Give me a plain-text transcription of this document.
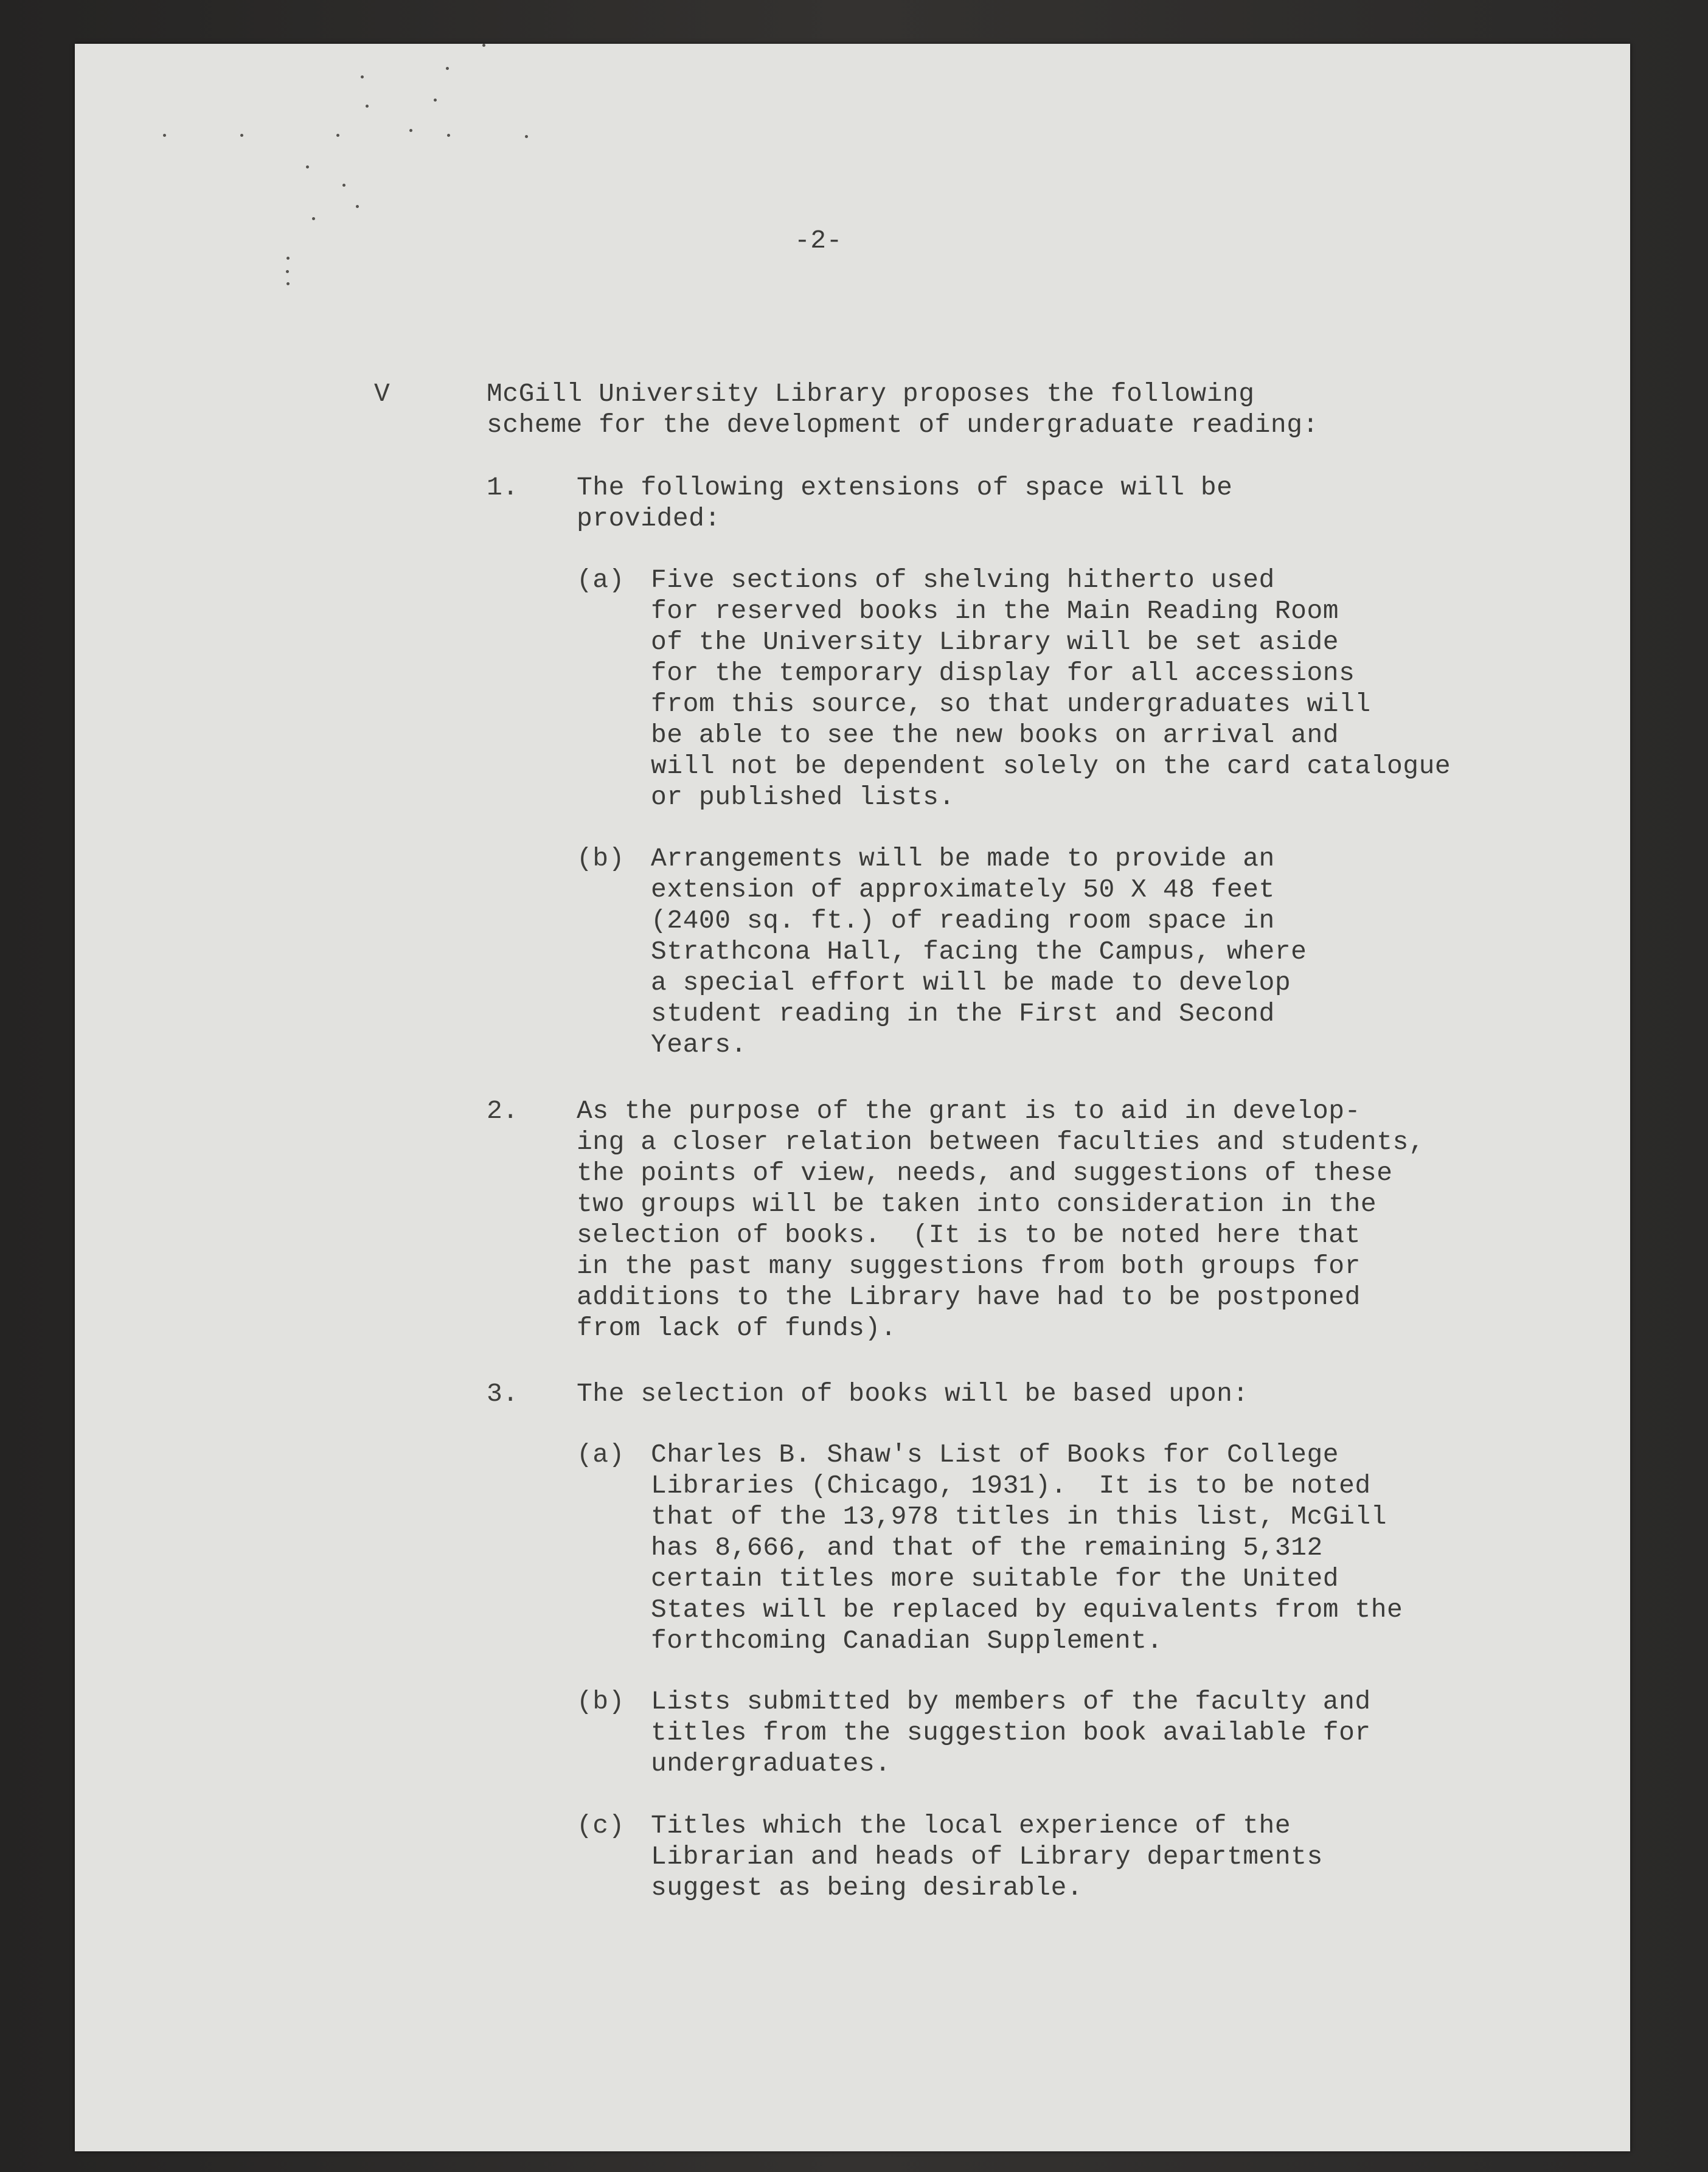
-2-

V	McGill University Library proposes the following

scheme for the development of undergraduate reading:

1. The following extensions of space will be

provided:

(a) Five sections of shelving hitherto used

for reserved books in the Main Reading Room

of the University Library will be set aside

for the temporary display for all accessions

from this source, so that undergraduates will

be able to see the new books on arrival and

will not be dependent solely on the card catalogue

or published lists.

(b) Arrangements will be made to provide an

extension of approximately 50 X 48 feet

(2400 sq. ft.) of reading room space in

Strathcona Hall, facing the Campus, where

a special effort will be made to develop

student reading in the First and Second

Years.

2. As the purpose of the grant is to aid in develop-

ing a closer relation between faculties and students,

the points of view, needs, and suggestions of these

two groups will be taken into consideration in the

selection of books.  (It is to be noted here that

in the past many suggestions from both groups for

additions to the Library have had to be postponed

from lack of funds).

3. The selection of books will be based upon:

(a) Charles B. Shaw's List of Books for College

Libraries (Chicago, 1931).  It is to be noted

that of the 13,978 titles in this list, McGill

has 8,666, and that of the remaining 5,312

certain titles more suitable for the United

States will be replaced by equivalents from the

forthcoming Canadian Supplement.

(b) Lists submitted by members of the faculty and

titles from the suggestion book available for

undergraduates.

(c) Titles which the local experience of the

Librarian and heads of Library departments

suggest as being desirable.
